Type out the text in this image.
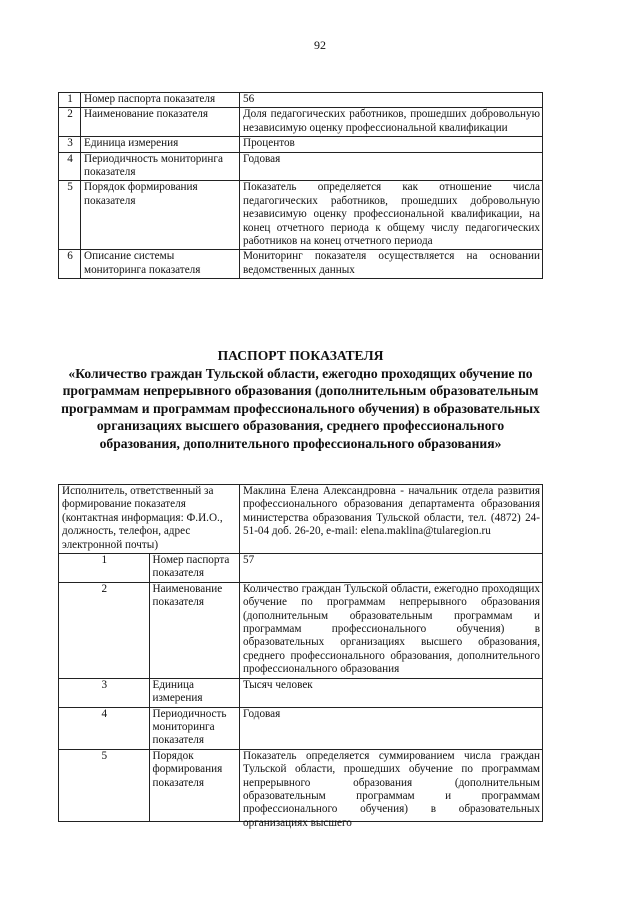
92
1	Номер паспорта показателя	56
2	Наименование показателя	Доля педагогических работников, прошедших добровольную независимую оценку профессиональной квалификации
3	Единица измерения	Процентов
4	Периодичность мониторинга показателя	Годовая
5	Порядок формирования показателя	Показатель определяется как отношение числа педагогических работников, прошедших добровольную независимую оценку профессиональной квалификации, на конец отчетного периода к общему числу педагогических работников на конец отчетного периода
6	Описание системы мониторинга показателя	Мониторинг показателя осуществляется на основании ведомственных данных
ПАСПОРТ ПОКАЗАТЕЛЯ
«Количество граждан Тульской области, ежегодно проходящих обучение по программам непрерывного образования (дополнительным образовательным программам и программам профессионального обучения) в образовательных организациях высшего образования, среднего профессионального образования, дополнительного профессионального образования»
Исполнитель, ответственный за формирование показателя (контактная информация: Ф.И.О., должность, телефон, адрес электронной почты)		Маклина Елена Александровна - начальник отдела развития профессионального образования департамента образования министерства образования Тульской области, тел. (4872) 24-51-04 доб. 26-20, e-mail: elena.maklina@tularegion.ru
1	Номер паспорта показателя	57
2	Наименование показателя	Количество граждан Тульской области, ежегодно проходящих обучение по программам непрерывного образования (дополнительным образовательным программам и программам профессионального обучения) в образовательных организациях высшего образования, среднего профессионального образования, дополнительного профессионального образования
3	Единица измерения	Тысяч человек
4	Периодичность мониторинга показателя	Годовая
5	Порядок формирования показателя	Показатель определяется суммированием числа граждан Тульской области, прошедших обучение по программам непрерывного образования (дополнительным образовательным программам и программам профессионального обучения) в образовательных организациях высшего
